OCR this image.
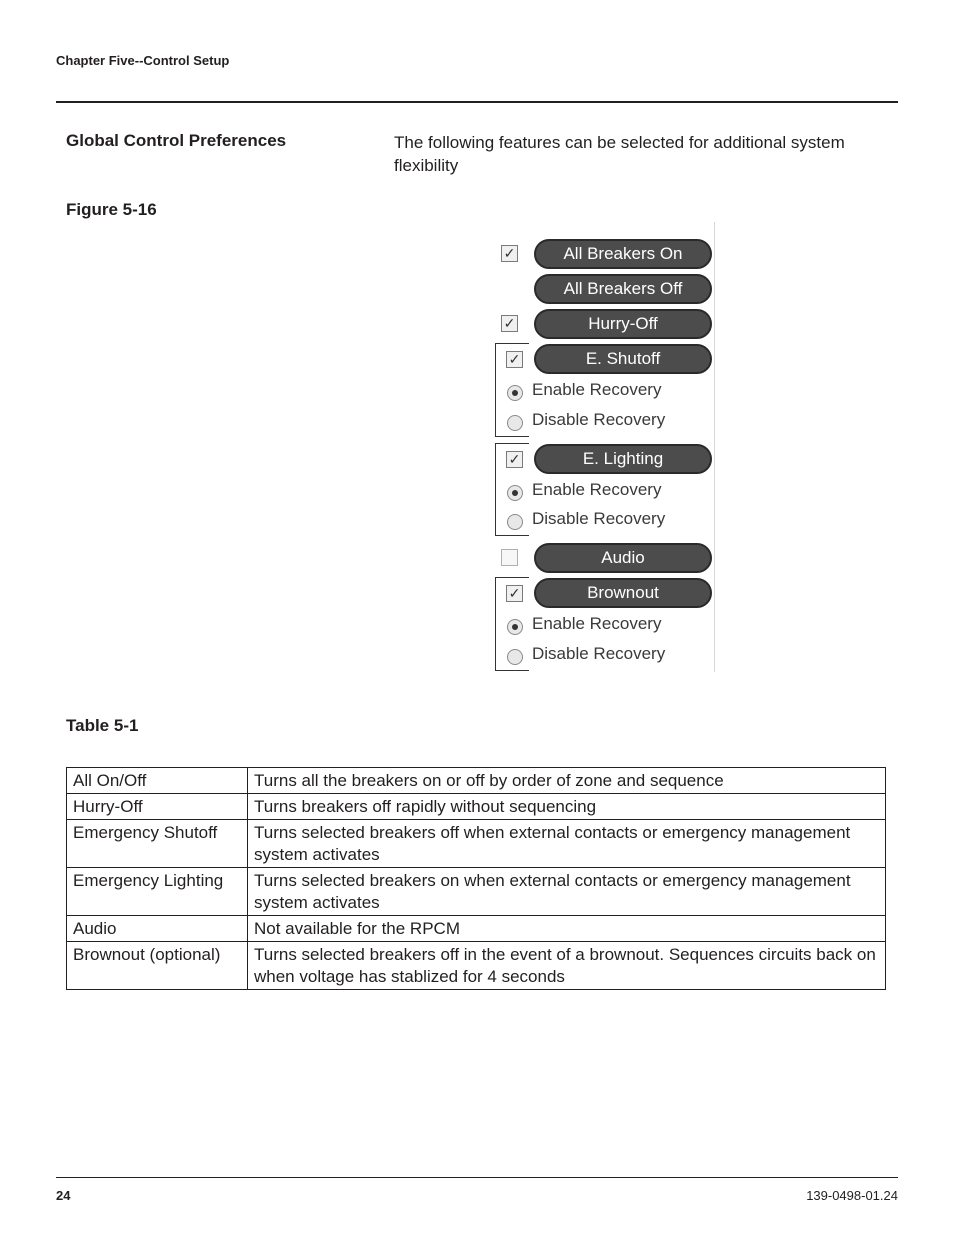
Chapter Five--Control Setup
Global Control Preferences	The following features can be selected for additional system flexibility
Figure 5-16
✓	All Breakers On
All Breakers Off
✓	Hurry-Off
✓	E. Shutoff
Enable Recovery
Disable Recovery
✓	E. Lighting
Enable Recovery
Disable Recovery
Audio
✓	Brownout
Enable Recovery
Disable Recovery
Table 5-1
All On/Off	Turns all the breakers on or off by order of zone and sequence
Hurry-Off	Turns breakers off rapidly without sequencing
Emergency Shutoff	Turns selected breakers off when external contacts or emergency management system activates
Emergency Lighting	Turns selected breakers on when external contacts or emergency management system activates
Audio	Not available for the RPCM
Brownout (optional)	Turns selected breakers off in the event of a brownout. Sequences circuits back on when voltage has stablized for 4 seconds
24	139-0498-01.24
